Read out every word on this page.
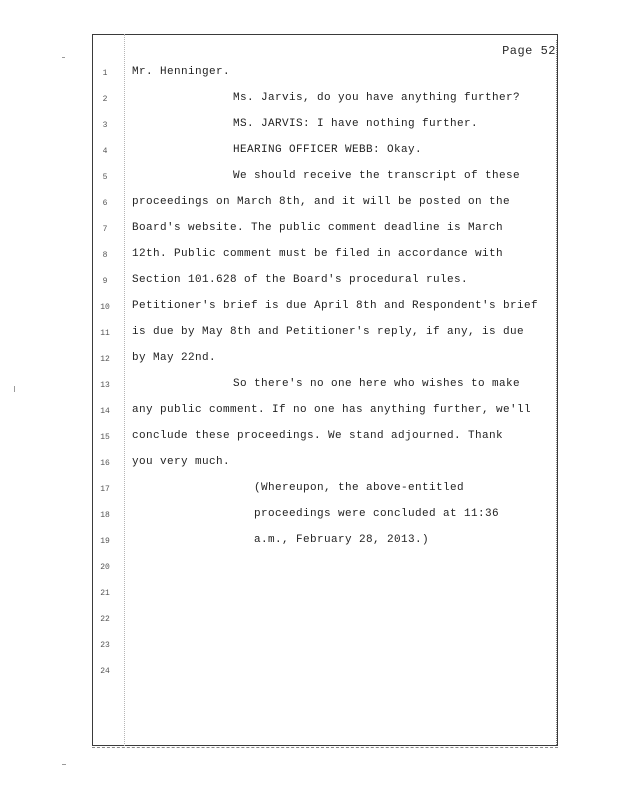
Page 52
1	Mr. Henninger.
2	Ms. Jarvis, do you have anything further?
3	MS. JARVIS: I have nothing further.
4	HEARING OFFICER WEBB: Okay.
5	We should receive the transcript of these
6	proceedings on March 8th, and it will be posted on the
7	Board's website. The public comment deadline is March
8	12th. Public comment must be filed in accordance with
9	Section 101.628 of the Board's procedural rules.
10	Petitioner's brief is due April 8th and Respondent's brief
11	is due by May 8th and Petitioner's reply, if any, is due
12	by May 22nd.
13	So there's no one here who wishes to make
14	any public comment. If no one has anything further, we'll
15	conclude these proceedings. We stand adjourned. Thank
16	you very much.
17	(Whereupon, the above-entitled
18	proceedings were concluded at 11:36
19	a.m., February 28, 2013.)
20
21
22
23
24
